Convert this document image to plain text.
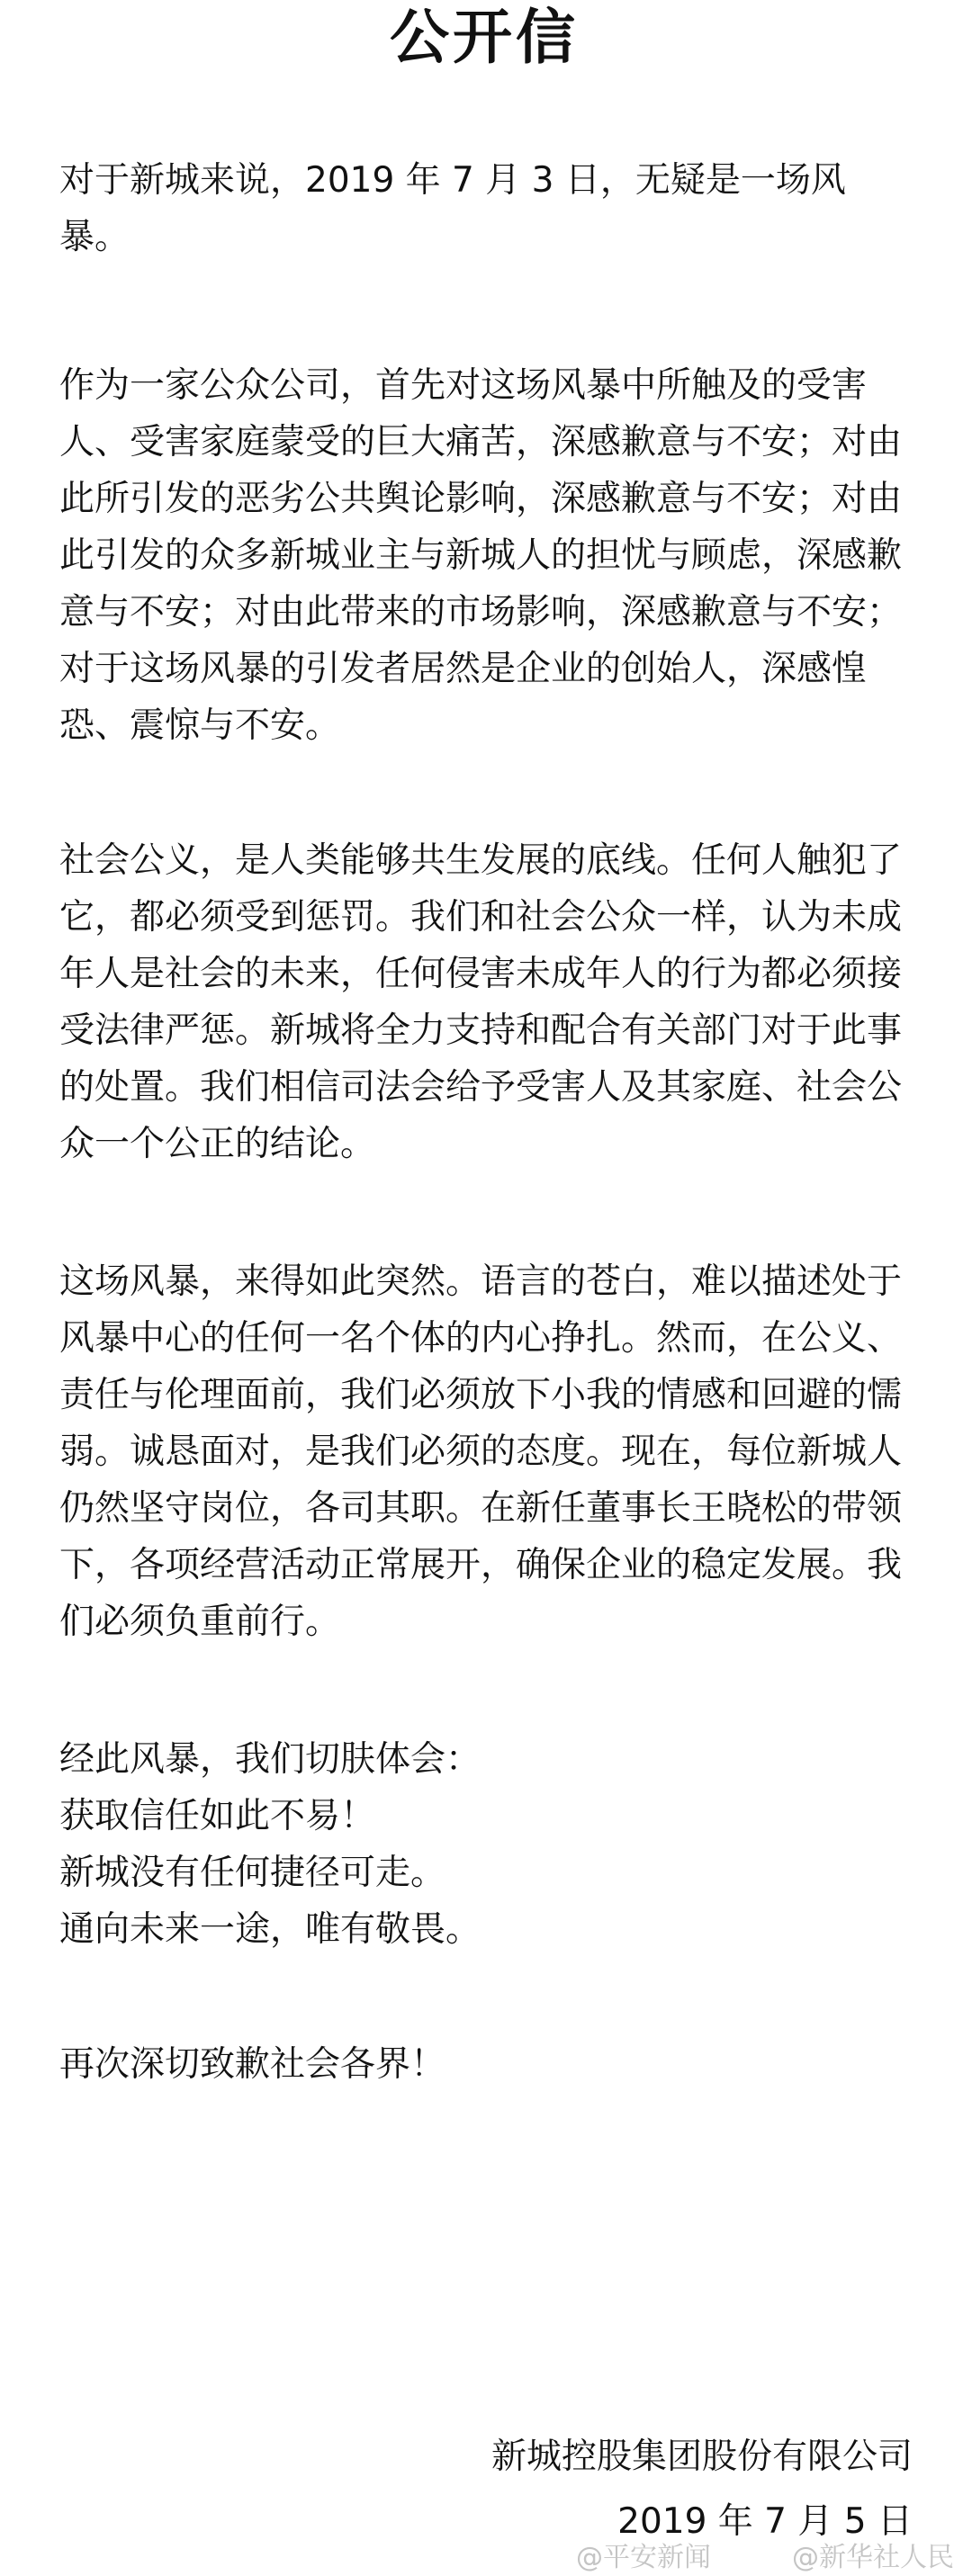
公开信

对于新城来说，2019 年 7 月 3 日，无疑是一场风暴。

作为一家公众公司，首先对这场风暴中所触及的受害人、受害家庭蒙受的巨大痛苦，深感歉意与不安；对由此所引发的恶劣公共舆论影响，深感歉意与不安；对由此引发的众多新城业主与新城人的担忧与顾虑，深感歉意与不安；对由此带来的市场影响，深感歉意与不安；对于这场风暴的引发者居然是企业的创始人，深感惶恐、震惊与不安。

社会公义，是人类能够共生发展的底线。任何人触犯了它，都必须受到惩罚。我们和社会公众一样，认为未成年人是社会的未来，任何侵害未成年人的行为都必须接受法律严惩。新城将全力支持和配合有关部门对于此事的处置。我们相信司法会给予受害人及其家庭、社会公众一个公正的结论。

这场风暴，来得如此突然。语言的苍白，难以描述处于风暴中心的任何一名个体的内心挣扎。然而，在公义、责任与伦理面前，我们必须放下小我的情感和回避的懦弱。诚恳面对，是我们必须的态度。现在，每位新城人仍然坚守岗位，各司其职。在新任董事长王晓松的带领下，各项经营活动正常展开，确保企业的稳定发展。我们必须负重前行。

经此风暴，我们切肤体会：

获取信任如此不易！

新城没有任何捷径可走。

通向未来一途，唯有敬畏。

再次深切致歉社会各界！

新城控股集团股份有限公司
2019 年 7 月 5 日
@平安新闻	@新华社人民
